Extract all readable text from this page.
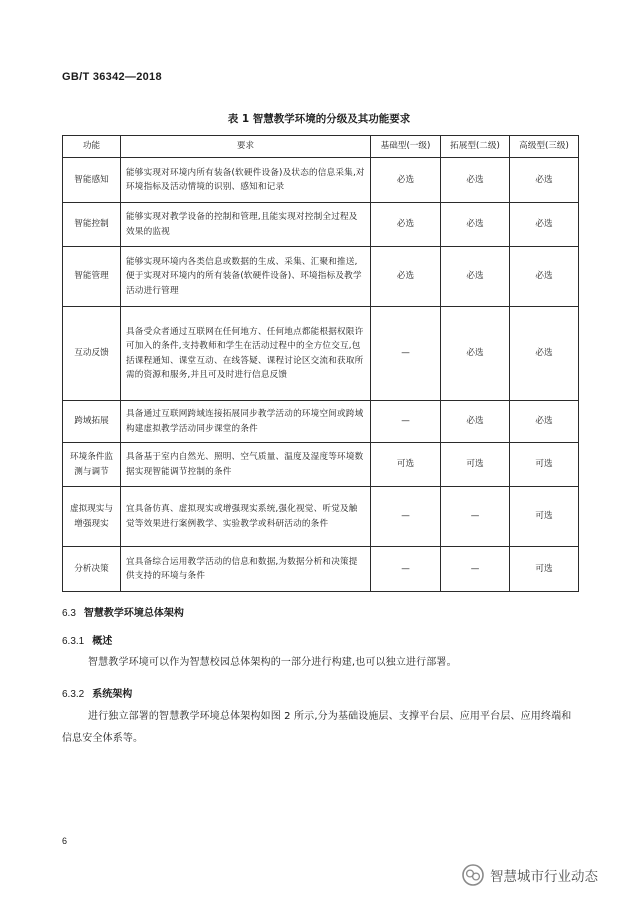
GB/T 36342—2018
表 1 智慧教学环境的分级及其功能要求
功能	要求	基础型(一级)	拓展型(二级)	高级型(三级)
智能感知	能够实现对环境内所有装备(软硬件设备)及状态的信息采集,对环境指标及活动情境的识别、感知和记录	必选	必选	必选
智能控制	能够实现对教学设备的控制和管理,且能实现对控制全过程及效果的监视	必选	必选	必选
智能管理	能够实现环境内各类信息或数据的生成、采集、汇聚和推送,便于实现对环境内的所有装备(软硬件设备)、环境指标及教学活动进行管理	必选	必选	必选
互动反馈	具备受众者通过互联网在任何地方、任何地点都能根据权限许可加入的条件,支持教师和学生在活动过程中的全方位交互,包括课程通知、课堂互动、在线答疑、课程讨论区交流和获取所需的资源和服务,并且可及时进行信息反馈	—	必选	必选
跨域拓展	具备通过互联网跨域连接拓展同步教学活动的环境空间或跨域构建虚拟教学活动同步课堂的条件	—	必选	必选
环境条件监测与调节	具备基于室内自然光、照明、空气质量、温度及湿度等环境数据实现智能调节控制的条件	可选	可选	可选
虚拟现实与增强现实	宜具备仿真、虚拟现实或增强现实系统,强化视觉、听觉及触觉等效果进行案例教学、实验教学或科研活动的条件	—	—	可选
分析决策	宜具备综合运用教学活动的信息和数据,为数据分析和决策提供支持的环境与条件	—	—	可选
6.3 智慧教学环境总体架构
6.3.1 概述
智慧教学环境可以作为智慧校园总体架构的一部分进行构建,也可以独立进行部署。
6.3.2 系统架构
进行独立部署的智慧教学环境总体架构如图 2 所示,分为基础设施层、支撑平台层、应用平台层、应用终端和信息安全体系等。
6
智慧城市行业动态
